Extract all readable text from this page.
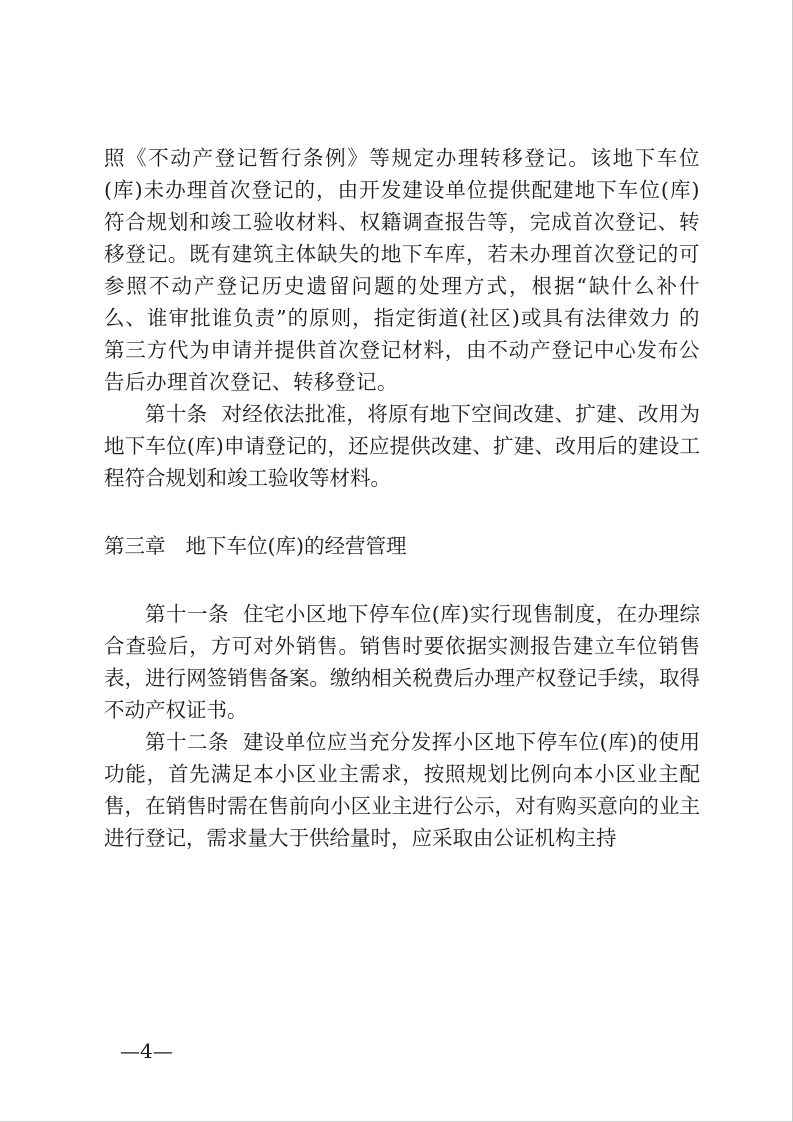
照《不动产登记暂行条例》等规定办理转移登记。该地下车位(库)未办理首次登记的，由开发建设单位提供配建地下车位(库)符合规划和竣工验收材料、权籍调查报告等，完成首次登记、转移登记。既有建筑主体缺失的地下车库，若未办理首次登记的可参照不动产登记历史遗留问题的处理方式，根据“缺什么补什么、谁审批谁负责”的原则，指定街道(社区)或具有法律效力 的第三方代为申请并提供首次登记材料，由不动产登记中心发布公告后办理首次登记、转移登记。

第十条 对经依法批准，将原有地下空间改建、扩建、改用为地下车位(库)申请登记的，还应提供改建、扩建、改用后的建设工程符合规划和竣工验收等材料。

第三章 地下车位(库)的经营管理

第十一条 住宅小区地下停车位(库)实行现售制度，在办理综合查验后，方可对外销售。销售时要依据实测报告建立车位销售表，进行网签销售备案。缴纳相关税费后办理产权登记手续，取得不动产权证书。

第十二条 建设单位应当充分发挥小区地下停车位(库)的使用功能，首先满足本小区业主需求，按照规划比例向本小区业主配售，在销售时需在售前向小区业主进行公示，对有购买意向的业主进行登记，需求量大于供给量时，应采取由公证机构主持

—4—
